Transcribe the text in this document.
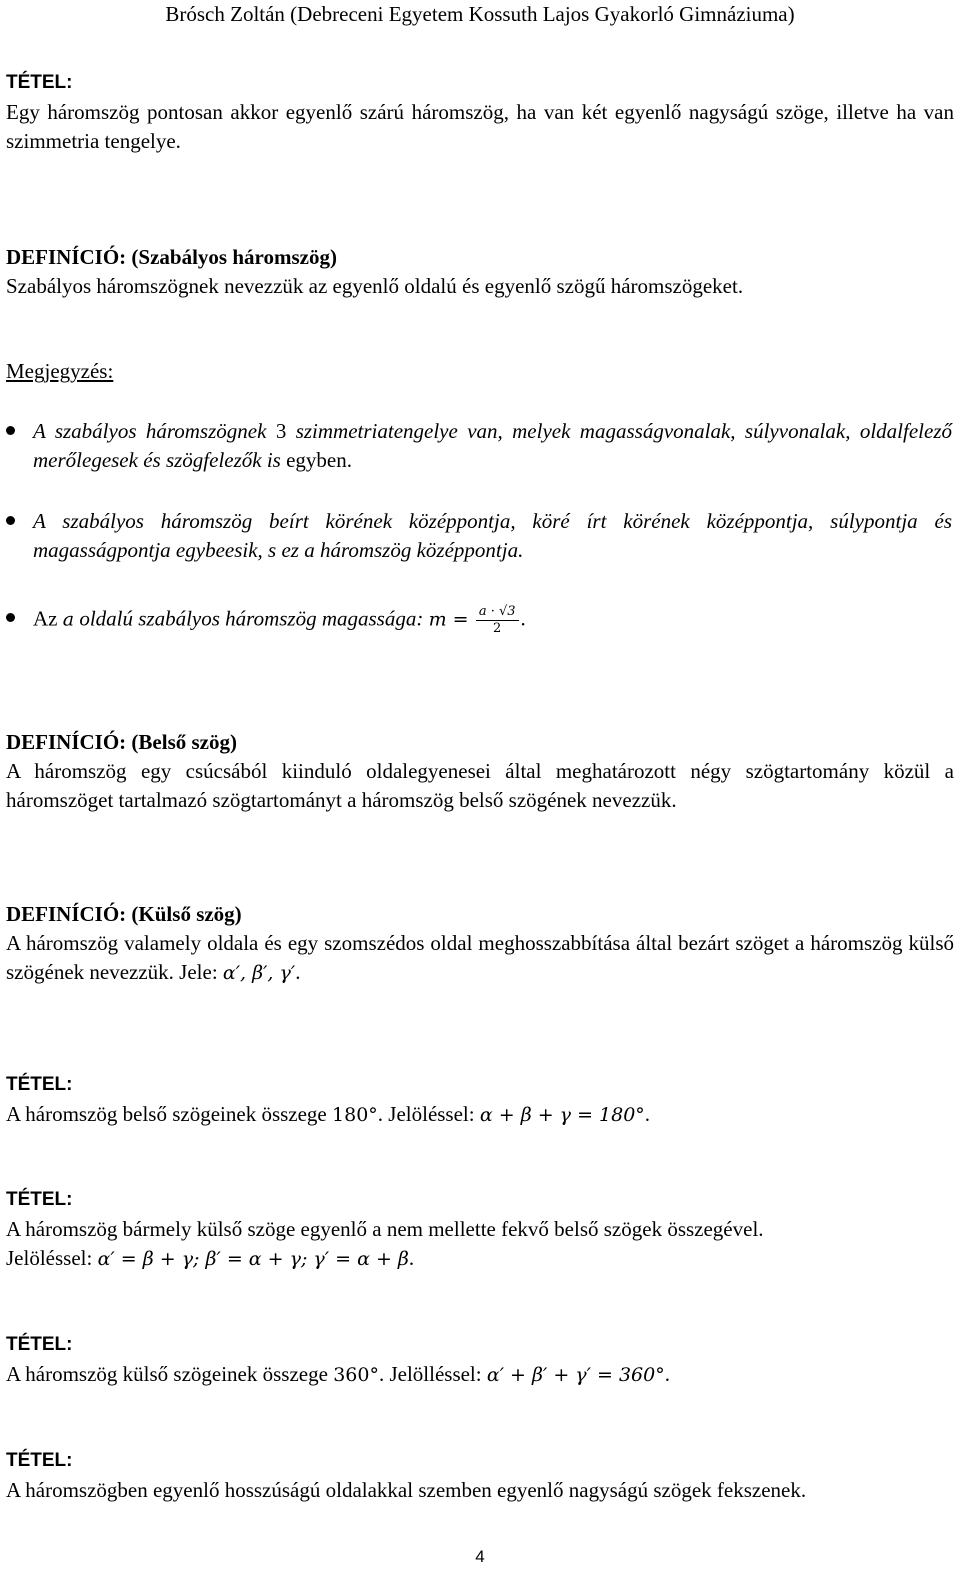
Brósch Zoltán (Debreceni Egyetem Kossuth Lajos Gyakorló Gimnáziuma)
TÉTEL:
Egy háromszög pontosan akkor egyenlő szárú háromszög, ha van két egyenlő nagyságú szöge, illetve ha van szimmetria tengelye.
DEFINÍCIÓ: (Szabályos háromszög)
Szabályos háromszögnek nevezzük az egyenlő oldalú és egyenlő szögű háromszögeket.
Megjegyzés:
A szabályos háromszögnek 3 szimmetriatengelye van, melyek magasságvonalak, súlyvonalak, oldalfelező merőlegesek és szögfelezők is egyben.
A szabályos háromszög beírt körének középpontja, köré írt körének középpontja, súlypontja és magasságpontja egybeesik, s ez a háromszög középpontja.
Az a oldalú szabályos háromszög magassága: $m = \frac{a \cdot √3}{2}$ .
DEFINÍCIÓ: (Belső szög)
A háromszög egy csúcsából kiinduló oldalegyenesei által meghatározott négy szögtartomány közül a háromszöget tartalmazó szögtartományt a háromszög belső szögének nevezzük.
DEFINÍCIÓ: (Külső szög)
A háromszög valamely oldala és egy szomszédos oldal meghosszabbítása által bezárt szöget a háromszög külső szögének nevezzük. Jele: α′, β′, γ′.
TÉTEL:
A háromszög belső szögeinek összege 180°. Jelöléssel: α + β + γ = 180°.
TÉTEL:
A háromszög bármely külső szöge egyenlő a nem mellette fekvő belső szögek összegével.
Jelöléssel: α′ = β + γ; β′ = α + γ; γ′ = α + β.
TÉTEL:
A háromszög külső szögeinek összege 360°. Jelölléssel: α′ + β′ + γ′ = 360°.
TÉTEL:
A háromszögben egyenlő hosszúságú oldalakkal szemben egyenlő nagyságú szögek fekszenek.
4
